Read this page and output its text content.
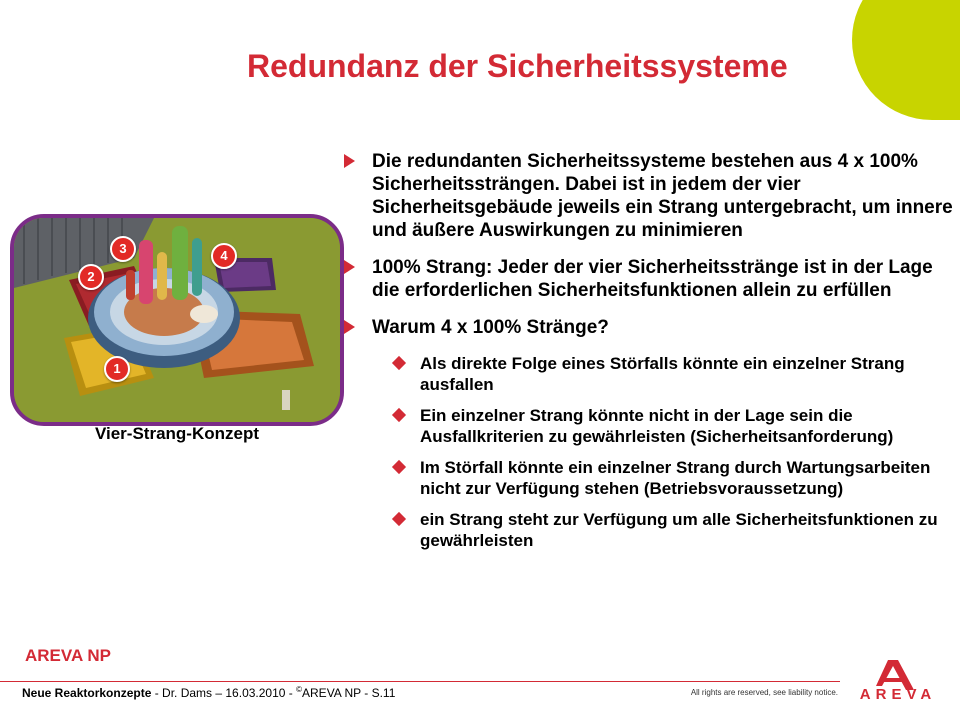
Redundanz der Sicherheitssysteme
1
2
3	4

Vier-Strang-Konzept

Die redundanten Sicherheitssysteme bestehen aus 4 x 100% Sicherheitssträngen. Dabei ist in jedem der vier Sicherheitsgebäude jeweils ein Strang untergebracht, um innere und äußere Auswirkungen zu minimieren
100% Strang: Jeder der vier Sicherheitsstränge ist in der Lage die erforderlichen Sicherheitsfunktionen allein zu erfüllen
Warum 4 x 100% Stränge?
Als direkte Folge eines Störfalls könnte ein einzelner Strang ausfallen
Ein einzelner Strang könnte nicht in der Lage sein die Ausfallkriterien zu gewährleisten (Sicherheitsanforderung)
Im Störfall könnte ein einzelner Strang durch Wartungsarbeiten nicht zur Verfügung stehen (Betriebsvoraussetzung)
ein Strang steht zur Verfügung um alle Sicherheitsfunktionen zu gewährleisten
AREVA NP
Neue Reaktorkonzepte - Dr. Dams – 16.03.2010 - ©AREVA NP - S.11	All rights are reserved, see liability notice.	AREVA
